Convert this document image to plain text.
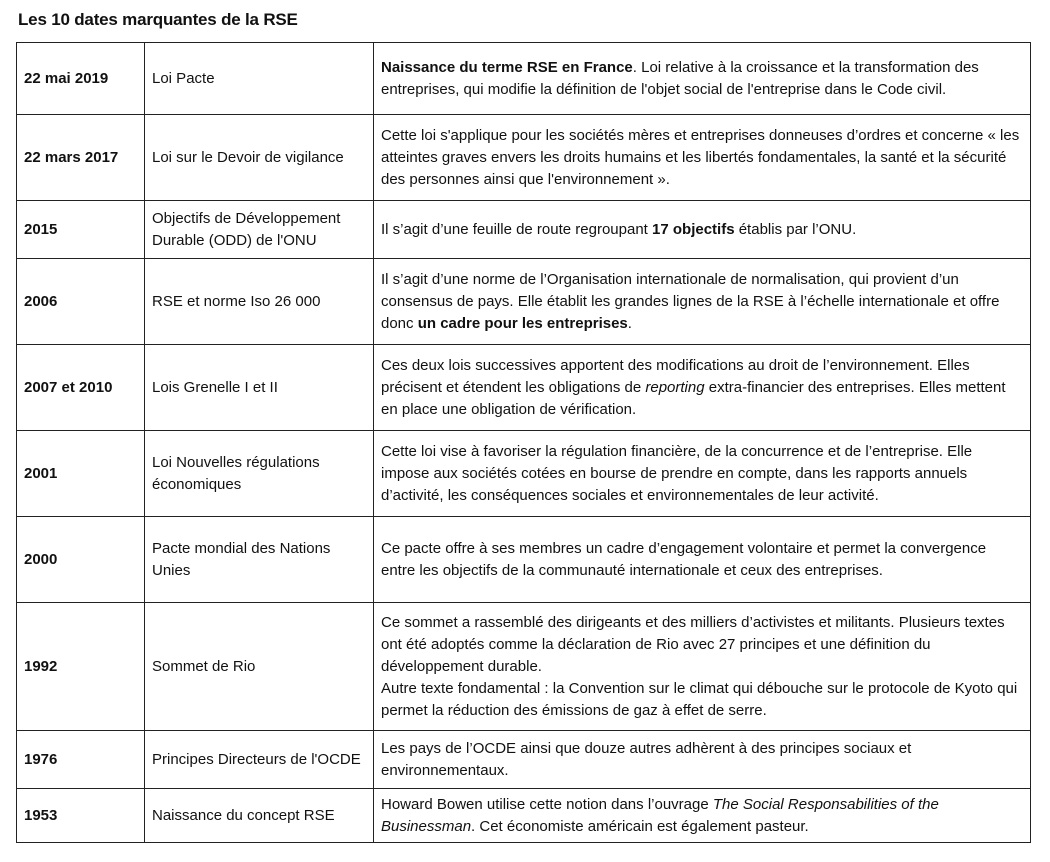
Les 10 dates marquantes de la RSE
22 mai 2019	Loi Pacte	Naissance du terme RSE en France. Loi relative à la croissance et la transformation des entreprises, qui modifie la définition de l'objet social de l'entreprise dans le Code civil.
22 mars 2017	Loi sur le Devoir de vigilance	Cette loi s'applique pour les sociétés mères et entreprises donneuses d’ordres et concerne « les atteintes graves envers les droits humains et les libertés fondamentales, la santé et la sécurité des personnes ainsi que l'environnement ».
2015	Objectifs de Développement Durable (ODD) de l'ONU	Il s’agit d’une feuille de route regroupant 17 objectifs établis par l’ONU.
2006	RSE et norme Iso 26 000	Il s’agit d’une norme de l’Organisation internationale de normalisation, qui provient d’un consensus de pays. Elle établit les grandes lignes de la RSE à l’échelle internationale et offre donc un cadre pour les entreprises.
2007 et 2010	Lois Grenelle I et II	Ces deux lois successives apportent des modifications au droit de l’environnement. Elles précisent et étendent les obligations de reporting extra-financier des entreprises. Elles mettent en place une obligation de vérification.
2001	Loi Nouvelles régulations économiques	Cette loi vise à favoriser la régulation financière, de la concurrence et de l’entreprise. Elle impose aux sociétés cotées en bourse de prendre en compte, dans les rapports annuels d’activité, les conséquences sociales et environnementales de leur activité.
2000	Pacte mondial des Nations Unies	Ce pacte offre à ses membres un cadre d’engagement volontaire et permet la convergence entre les objectifs de la communauté internationale et ceux des entreprises.
1992	Sommet de Rio	Ce sommet a rassemblé des dirigeants et des milliers d’activistes et militants. Plusieurs textes ont été adoptés comme la déclaration de Rio avec 27 principes et une définition du développement durable.
Autre texte fondamental : la Convention sur le climat qui débouche sur le protocole de Kyoto qui permet la réduction des émissions de gaz à effet de serre.
1976	Principes Directeurs de l'OCDE	Les pays de l’OCDE ainsi que douze autres adhèrent à des principes sociaux et environnementaux.
1953	Naissance du concept RSE	Howard Bowen utilise cette notion dans l’ouvrage The Social Responsabilities of the Businessman. Cet économiste américain est également pasteur.
